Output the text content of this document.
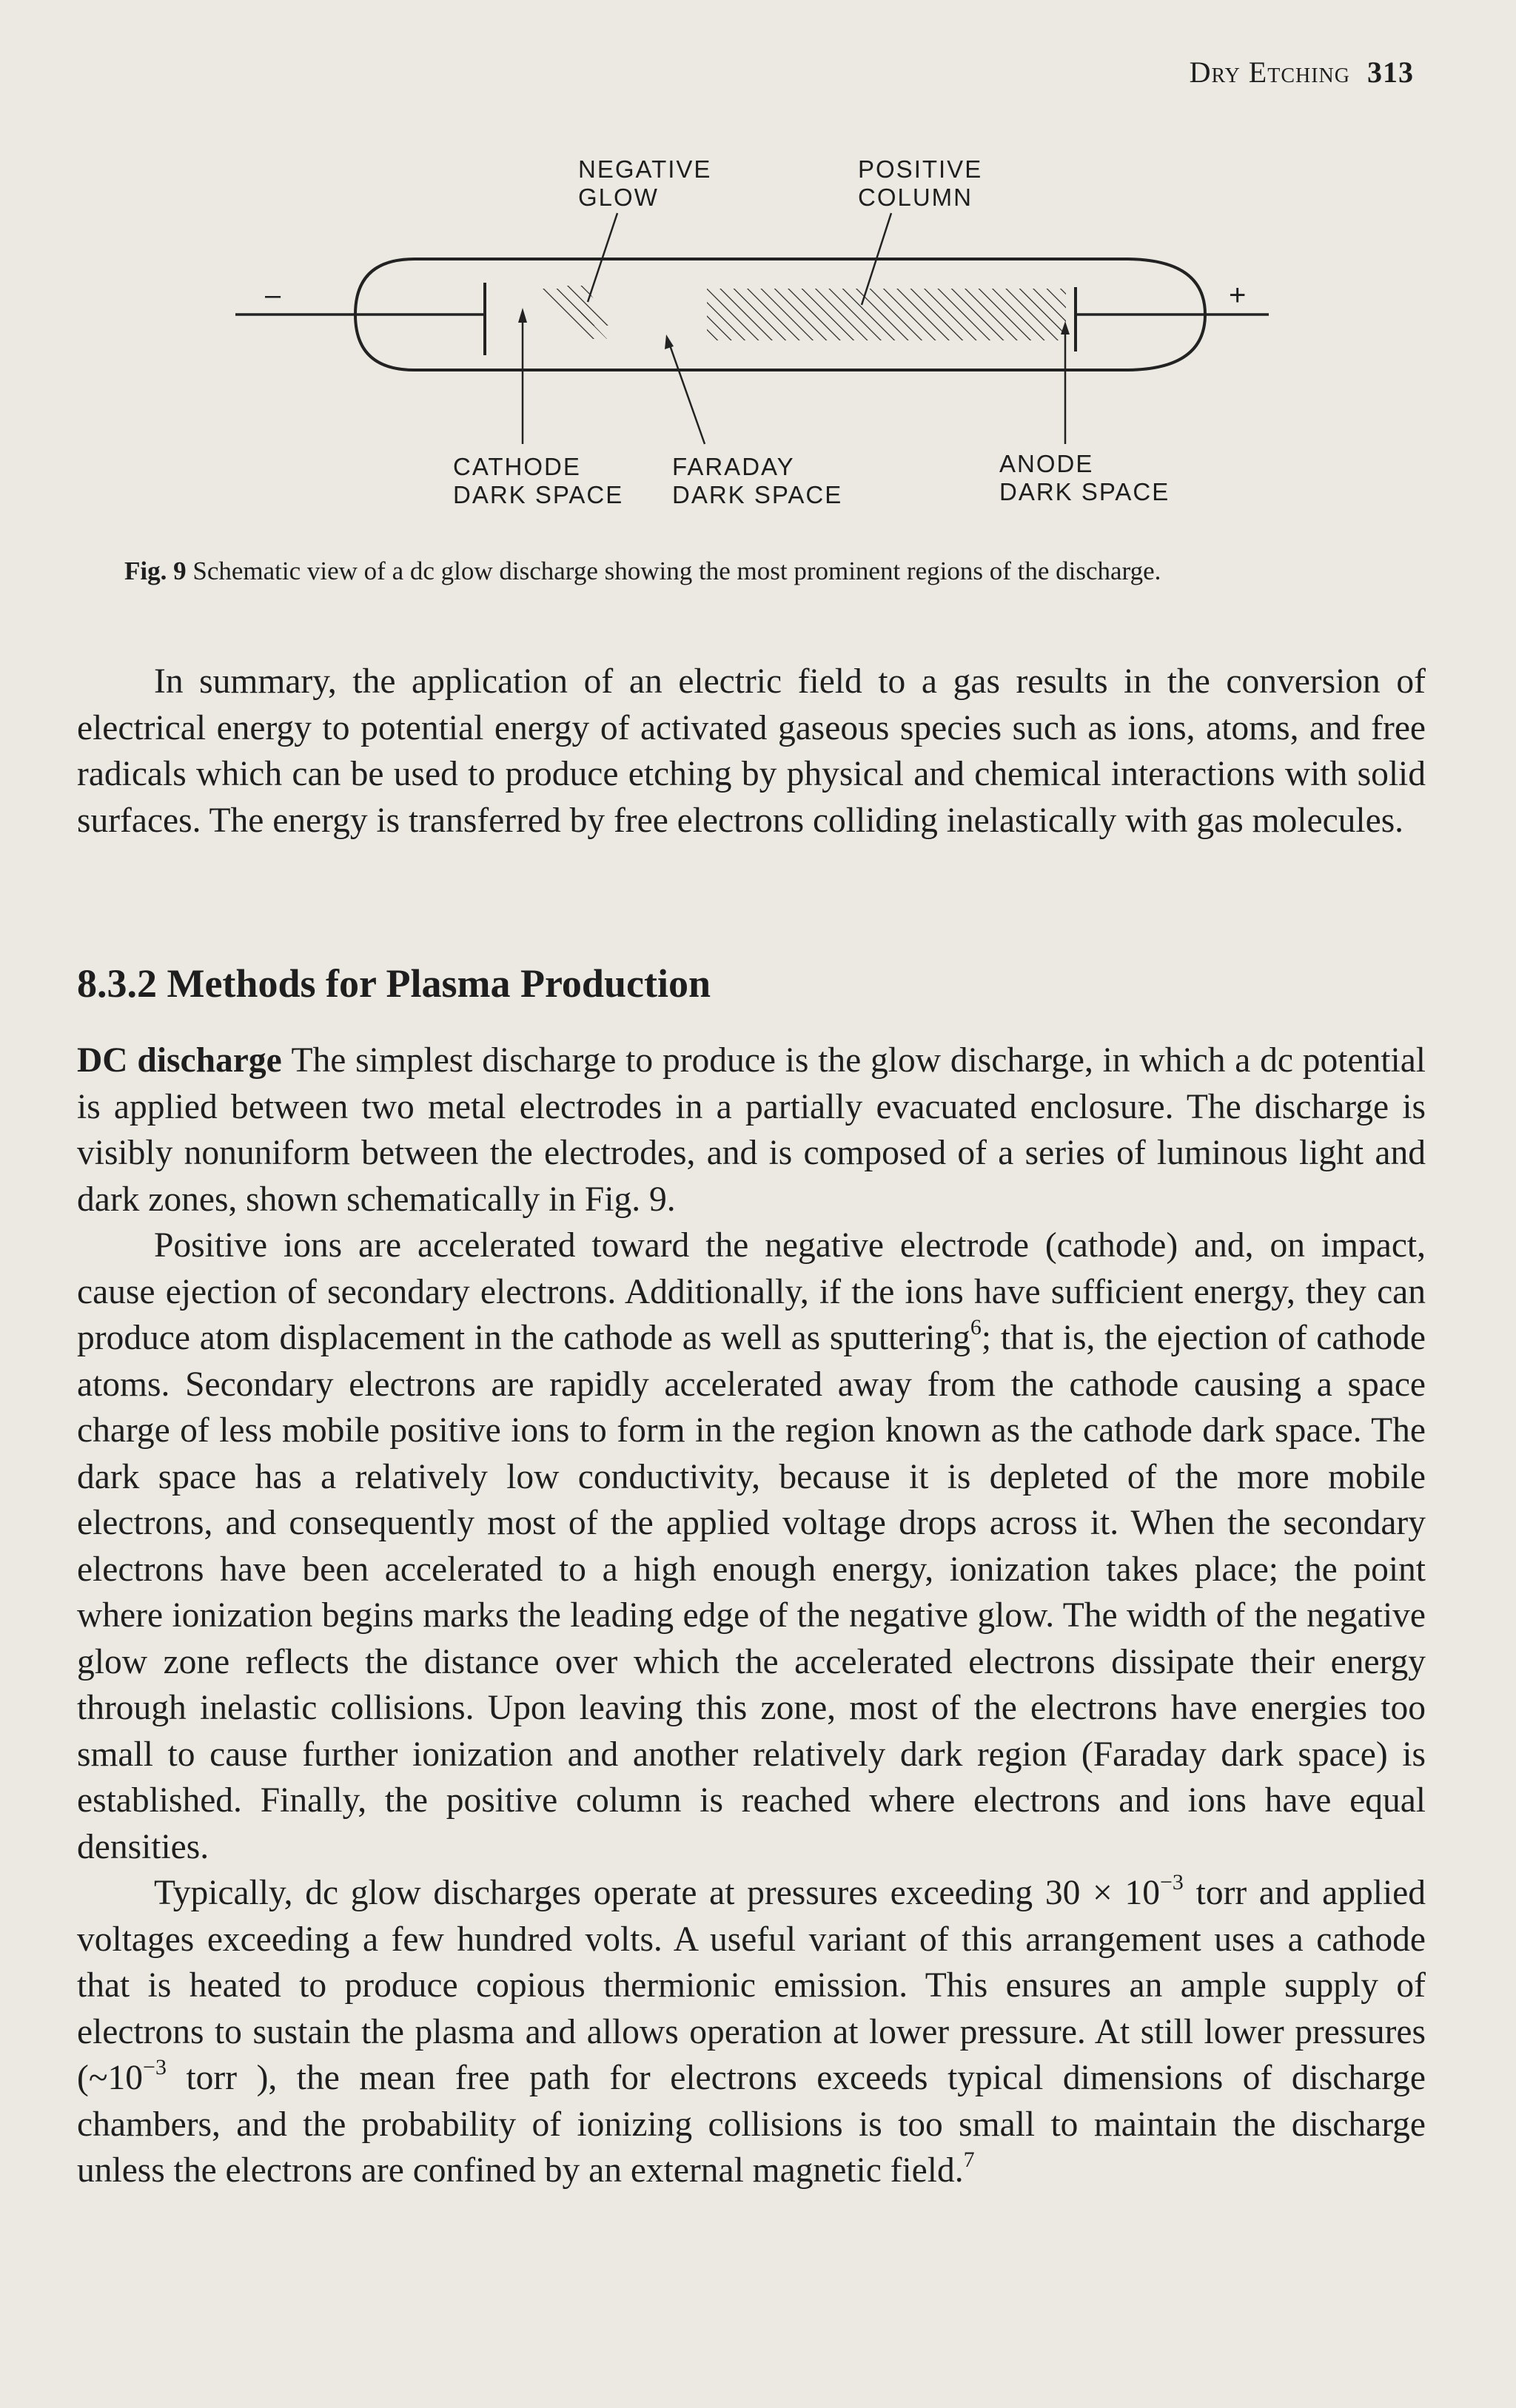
Dry Etching 313
–	+
NEGATIVE
GLOW
POSITIVE
COLUMN
CATHODE
DARK SPACE
FARADAY
DARK SPACE
ANODE
DARK SPACE
Fig. 9 Schematic view of a dc glow discharge showing the most prominent regions of the discharge.

In summary, the application of an electric field to a gas results in the conversion of electrical energy to potential energy of activated gaseous species such as ions, atoms, and free radicals which can be used to produce etching by physical and chemical interactions with solid surfaces. The energy is transferred by free electrons colliding inelastically with gas molecules.

8.3.2 Methods for Plasma Production

DC discharge The simplest discharge to produce is the glow discharge, in which a dc potential is applied between two metal electrodes in a partially evacuated enclosure. The discharge is visibly nonuniform between the electrodes, and is composed of a series of luminous light and dark zones, shown schematically in Fig. 9.

Positive ions are accelerated toward the negative electrode (cathode) and, on impact, cause ejection of secondary electrons. Additionally, if the ions have sufficient energy, they can produce atom displacement in the cathode as well as sputtering$^6$; that is, the ejection of cathode atoms. Secondary electrons are rapidly accelerated away from the cathode causing a space charge of less mobile positive ions to form in the region known as the cathode dark space. The dark space has a relatively low conductivity, because it is depleted of the more mobile electrons, and consequently most of the applied voltage drops across it. When the secondary electrons have been accelerated to a high enough energy, ionization takes place; the point where ionization begins marks the leading edge of the negative glow. The width of the negative glow zone reflects the distance over which the accelerated electrons dissipate their energy through inelastic collisions. Upon leaving this zone, most of the electrons have energies too small to cause further ionization and another relatively dark region (Faraday dark space) is established. Finally, the positive column is reached where electrons and ions have equal densities.

Typically, dc glow discharges operate at pressures exceeding $30 \times 10^{-3}$ torr and applied voltages exceeding a few hundred volts. A useful variant of this arrangement uses a cathode that is heated to produce copious thermionic emission. This ensures an ample supply of electrons to sustain the plasma and allows operation at lower pressure. At still lower pressures ($\sim 10^{-3}$ torr ), the mean free path for electrons exceeds typical dimensions of discharge chambers, and the probability of ionizing collisions is too small to maintain the discharge unless the electrons are confined by an external magnetic field.$^7$
